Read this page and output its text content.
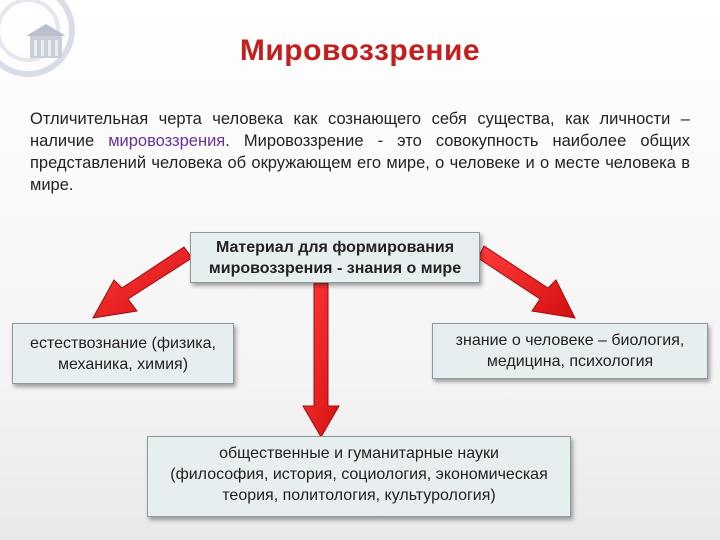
Мировоззрение
Отличительная черта человека как сознающего себя существа, как личности – наличие мировоззрения. Мировоззрение - это совокупность наиболее общих представлений человека об окружающем его мире, о человеке и о месте человека в мире.
Материал для формирования
мировоззрения - знания о мире
естествознание (физика,
механика, химия)
знание о человеке – биология,
медицина, психология
общественные и гуманитарные науки
(философия, история, социология, экономическая
теория, политология, культурология)
